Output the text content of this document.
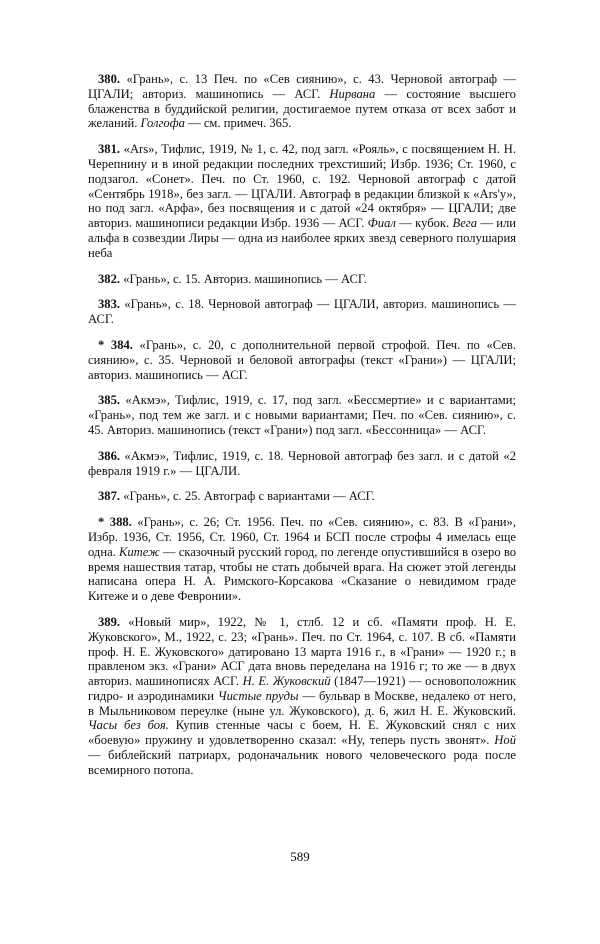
380. «Грань», с. 13 Печ. по «Сев сиянию», с. 43. Черновой автограф — ЦГАЛИ; авториз. машинопись — АСГ. Нирвана — состояние высшего блаженства в буддийской религии, достигаемое путем отказа от всех забот и желаний. Голгофа — см. примеч. 365.

381. «Ars», Тифлис, 1919, № 1, с. 42, под загл. «Рояль», с посвящением Н. Н. Черепнину и в иной редакции последних трехстиший; Избр. 1936; Ст. 1960, с подзагол. «Сонет». Печ. по Ст. 1960, с. 192. Черновой автограф с датой «Сентябрь 1918», без загл. — ЦГАЛИ. Автограф в редакции близкой к «Ars'у», но под загл. «Арфа», без посвящения и с датой «24 октября» — ЦГАЛИ; две авториз. машинописи редакции Избр. 1936 — АСГ. Фиал — кубок. Вега — или альфа в созвездии Лиры — одна из наиболее ярких звезд северного полушария неба

382. «Грань», с. 15. Авториз. машинопись — АСГ.

383. «Грань», с. 18. Черновой автограф — ЦГАЛИ, авториз. машинопись — АСГ.

* 384. «Грань», с. 20, с дополнительной первой строфой. Печ. по «Сев. сиянию», с. 35. Черновой и беловой автографы (текст «Грани») — ЦГАЛИ; авториз. машинопись — АСГ.

385. «Акмэ», Тифлис, 1919, с. 17, под загл. «Бессмертие» и с вариантами; «Грань», под тем же загл. и с новыми вариантами; Печ. по «Сев. сиянию», с. 45. Авториз. машинопись (текст «Грани») под загл. «Бессонница» — АСГ.

386. «Акмэ», Тифлис, 1919, с. 18. Черновой автограф без загл. и с датой «2 февраля 1919 г.» — ЦГАЛИ.

387. «Грань», с. 25. Автограф с вариантами — АСГ.

* 388. «Грань», с. 26; Ст. 1956. Печ. по «Сев. сиянию», с. 83. В «Грани», Избр. 1936, Ст. 1956, Ст. 1960, Ст. 1964 и БСП после строфы 4 имелась еще одна. Китеж — сказочный русский город, по легенде опустившийся в озеро во время нашествия татар, чтобы не стать добычей врага. На сюжет этой легенды написана опера Н. А. Римского-Корсакова «Сказание о невидимом граде Китеже и о деве Февронии».

389. «Новый мир», 1922, № 1, стлб. 12 и сб. «Памяти проф. Н. Е. Жуковского», М., 1922, с. 23; «Грань». Печ. по Ст. 1964, с. 107. В сб. «Памяти проф. Н. Е. Жуковского» датировано 13 марта 1916 г., в «Грани» — 1920 г.; в правленом экз. «Грани» АСГ дата вновь переделана на 1916 г; то же — в двух авториз. машинописях АСГ. Н. Е. Жуковский (1847—1921) — основоположник гидро- и аэродинамики Чистые пруды — бульвар в Москве, недалеко от него, в Мыльниковом переулке (ныне ул. Жуковского), д. 6, жил Н. Е. Жуковский. Часы без боя. Купив стенные часы с боем, Н. Е. Жуковский снял с них «боевую» пружину и удовлетворенно сказал: «Ну, теперь пусть звонят». Ной — библейский патриарх, родоначальник нового человеческого рода после всемирного потопа.

589
